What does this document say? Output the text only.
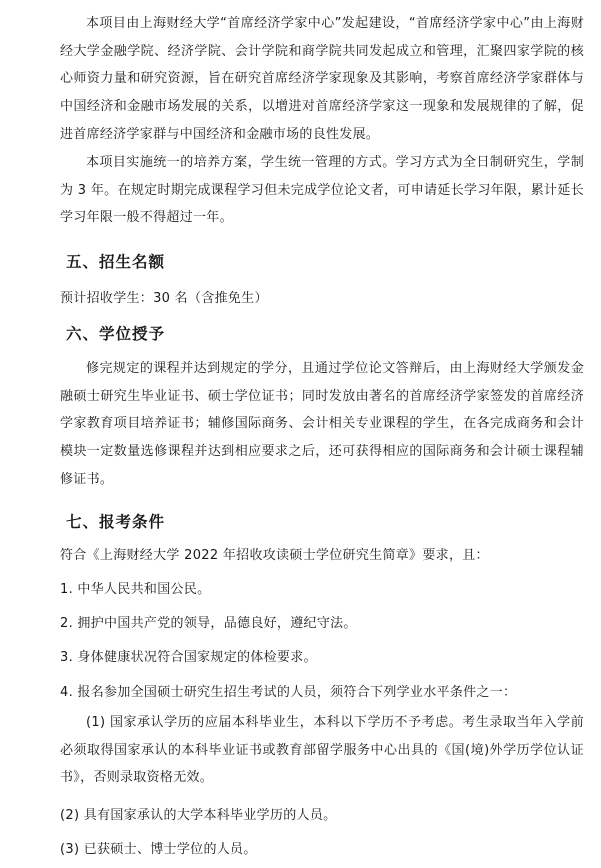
本项目由上海财经大学“首席经济学家中心”发起建设，“首席经济学家中心”由上海财经大学金融学院、经济学院、会计学院和商学院共同发起成立和管理，汇聚四家学院的核心师资力量和研究资源，旨在研究首席经济学家现象及其影响，考察首席经济学家群体与中国经济和金融市场发展的关系，以增进对首席经济学家这一现象和发展规律的了解，促进首席经济学家群与中国经济和金融市场的良性发展。

本项目实施统一的培养方案，学生统一管理的方式。学习方式为全日制研究生，学制为 3 年。在规定时期完成课程学习但未完成学位论文者，可申请延长学习年限，累计延长学习年限一般不得超过一年。

五、招生名额

预计招收学生：30 名（含推免生）

六、学位授予

修完规定的课程并达到规定的学分，且通过学位论文答辩后，由上海财经大学颁发金融硕士研究生毕业证书、硕士学位证书；同时发放由著名的首席经济学家签发的首席经济学家教育项目培养证书；辅修国际商务、会计相关专业课程的学生，在各完成商务和会计模块一定数量选修课程并达到相应要求之后，还可获得相应的国际商务和会计硕士课程辅修证书。

七、报考条件

符合《上海财经大学 2022 年招收攻读硕士学位研究生简章》要求，且：

1. 中华人民共和国公民。

2. 拥护中国共产党的领导，品德良好，遵纪守法。

3. 身体健康状况符合国家规定的体检要求。

4. 报名参加全国硕士研究生招生考试的人员，须符合下列学业水平条件之一：

(1) 国家承认学历的应届本科毕业生，本科以下学历不予考虑。考生录取当年入学前必须取得国家承认的本科毕业证书或教育部留学服务中心出具的《国(境)外学历学位认证书》，否则录取资格无效。

(2) 具有国家承认的大学本科毕业学历的人员。

(3) 已获硕士、博士学位的人员。
